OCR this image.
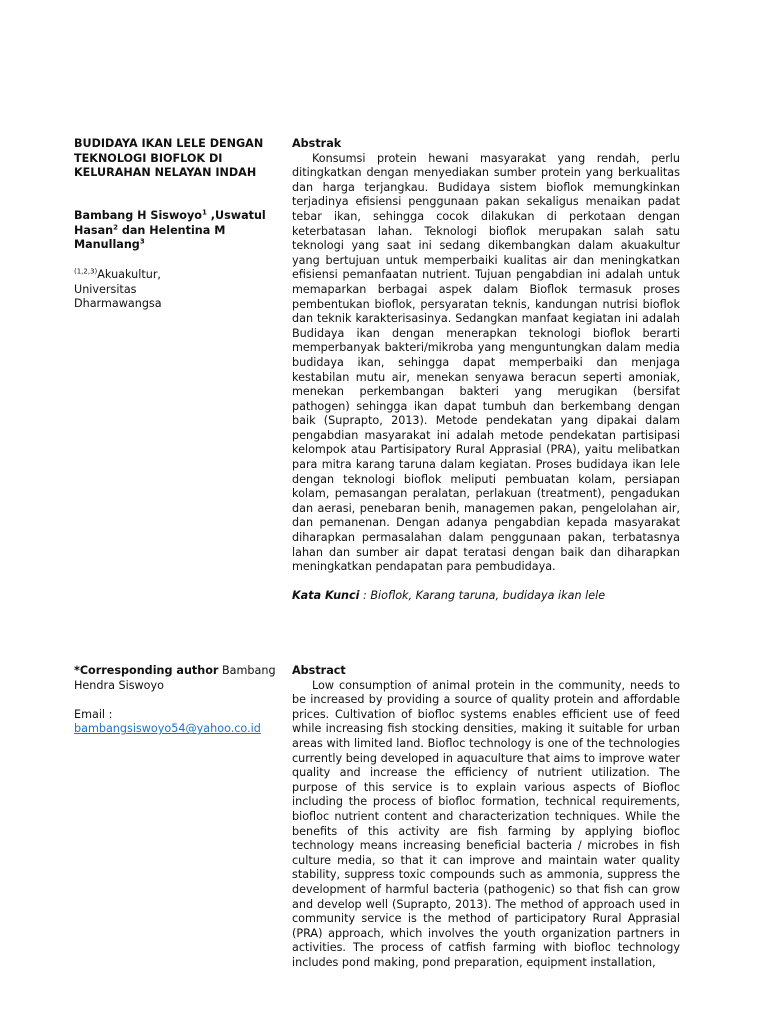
BUDIDAYA IKAN LELE DENGAN TEKNOLOGI BIOFLOK DI KELURAHAN NELAYAN INDAH
Bambang H Siswoyo$^1$ ,Uswatul Hasan$^2$ dan Helentina M Manullang$^3$
$^{(1,2,3)}$Akuakultur,
Universitas
Dharmawangsa
*Corresponding author Bambang Hendra Siswoyo
Email :
bambangsiswoyo54@yahoo.co.id
Abstrak

Konsumsi protein hewani masyarakat yang rendah, perlu ditingkatkan dengan menyediakan sumber protein yang berkualitas dan harga terjangkau. Budidaya sistem bioflok memungkinkan terjadinya efisiensi penggunaan pakan sekaligus menaikan padat tebar ikan, sehingga cocok dilakukan di perkotaan dengan keterbatasan lahan. Teknologi bioflok merupakan salah satu teknologi yang saat ini sedang dikembangkan dalam akuakultur yang bertujuan untuk memperbaiki kualitas air dan meningkatkan efisiensi pemanfaatan nutrient. Tujuan pengabdian ini adalah untuk memaparkan berbagai aspek dalam Bioflok termasuk proses pembentukan bioflok, persyaratan teknis, kandungan nutrisi bioflok dan teknik karakterisasinya. Sedangkan manfaat kegiatan ini adalah Budidaya ikan dengan menerapkan teknologi bioflok berarti memperbanyak bakteri/mikroba yang menguntungkan dalam media budidaya ikan, sehingga dapat memperbaiki dan menjaga kestabilan mutu air, menekan senyawa beracun seperti amoniak, menekan perkembangan bakteri yang merugikan (bersifat pathogen) sehingga ikan dapat tumbuh dan berkembang dengan baik (Suprapto, 2013). Metode pendekatan yang dipakai dalam pengabdian masyarakat ini adalah metode pendekatan partisipasi kelompok atau Partisipatory Rural Apprasial (PRA), yaitu melibatkan para mitra karang taruna dalam kegiatan. Proses budidaya ikan lele dengan teknologi bioflok meliputi pembuatan kolam, persiapan kolam, pemasangan peralatan, perlakuan (treatment), pengadukan dan aerasi, penebaran benih, managemen pakan, pengelolahan air, dan pemanenan. Dengan adanya pengabdian kepada masyarakat diharapkan permasalahan dalam penggunaan pakan, terbatasnya lahan dan sumber air dapat teratasi dengan baik dan diharapkan meningkatkan pendapatan para pembudidaya.

Kata Kunci : Bioflok, Karang taruna, budidaya ikan lele
Abstract

Low consumption of animal protein in the community, needs to be increased by providing a source of quality protein and affordable prices. Cultivation of biofloc systems enables efficient use of feed while increasing fish stocking densities, making it suitable for urban areas with limited land. Biofloc technology is one of the technologies currently being developed in aquaculture that aims to improve water quality and increase the efficiency of nutrient utilization. The purpose of this service is to explain various aspects of Biofloc including the process of biofloc formation, technical requirements, biofloc nutrient content and characterization techniques. While the benefits of this activity are fish farming by applying biofloc technology means increasing beneficial bacteria / microbes in fish culture media, so that it can improve and maintain water quality stability, suppress toxic compounds such as ammonia, suppress the development of harmful bacteria (pathogenic) so that fish can grow and develop well (Suprapto, 2013). The method of approach used in community service is the method of participatory Rural Apprasial (PRA) approach, which involves the youth organization partners in activities. The process of catfish farming with biofloc technology includes pond making, pond preparation, equipment installation,
